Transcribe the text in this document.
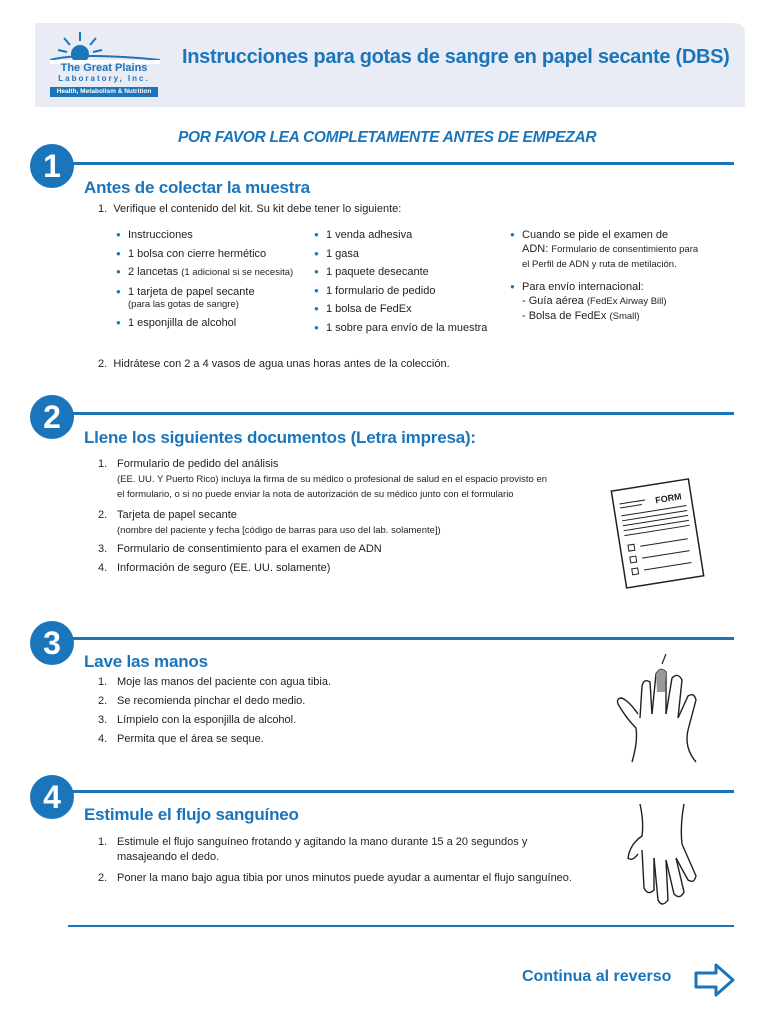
The Great Plains
Laboratory, Inc.
Health, Metabolism & Nutrition
Instrucciones para gotas de sangre en papel secante (DBS)
POR FAVOR LEA COMPLETAMENTE ANTES DE EMPEZAR
1
Antes de colectar la muestra
1. Verifique el contenido del kit. Su kit debe tener lo siguiente:
● Instrucciones
● 1 bolsa con cierre hermético
● 2 lancetas (1 adicional si se necesita)
● 1 tarjeta de papel secante
(para las gotas de sangre)
● 1 esponjilla de alcohol
● 1 venda adhesiva
● 1 gasa
● 1 paquete desecante
● 1 formulario de pedido
● 1 bolsa de FedEx
● 1 sobre para envío de la muestra
● Cuando se pide el examen de
ADN: Formulario de consentimiento para el Perfil de ADN y ruta de metilación.
● Para envío internacional:
- Guía aérea (FedEx Airway Bill)
- Bolsa de FedEx (Small)
2. Hidrátese con 2 a 4 vasos de agua unas horas antes de la colección.
2
Llene los siguientes documentos (Letra impresa):
1. Formulario de pedido del análisis
(EE. UU. Y Puerto Rico) incluya la firma de su médico o profesional de salud en el espacio provisto en el formulario, o si no puede enviar la nota de autorización de su médico junto con el formulario
2. Tarjeta de papel secante
(nombre del paciente y fecha [código de barras para uso del lab. solamente])
3. Formulario de consentimiento para el examen de ADN
4. Información de seguro (EE. UU. solamente)
FORM
3
Lave las manos
1. Moje las manos del paciente con agua tibia.
2. Se recomienda pinchar el dedo medio.
3. Límpielo con la esponjilla de alcohol.
4. Permita que el área se seque.
4	Estimule el flujo sanguíneo
1. Estimule el flujo sanguíneo frotando y agitando la mano durante 15 a 20 segundos y masajeando el dedo.
2. Poner la mano bajo agua tibia por unos minutos puede ayudar a aumentar el flujo sanguíneo.
Continua al reverso
